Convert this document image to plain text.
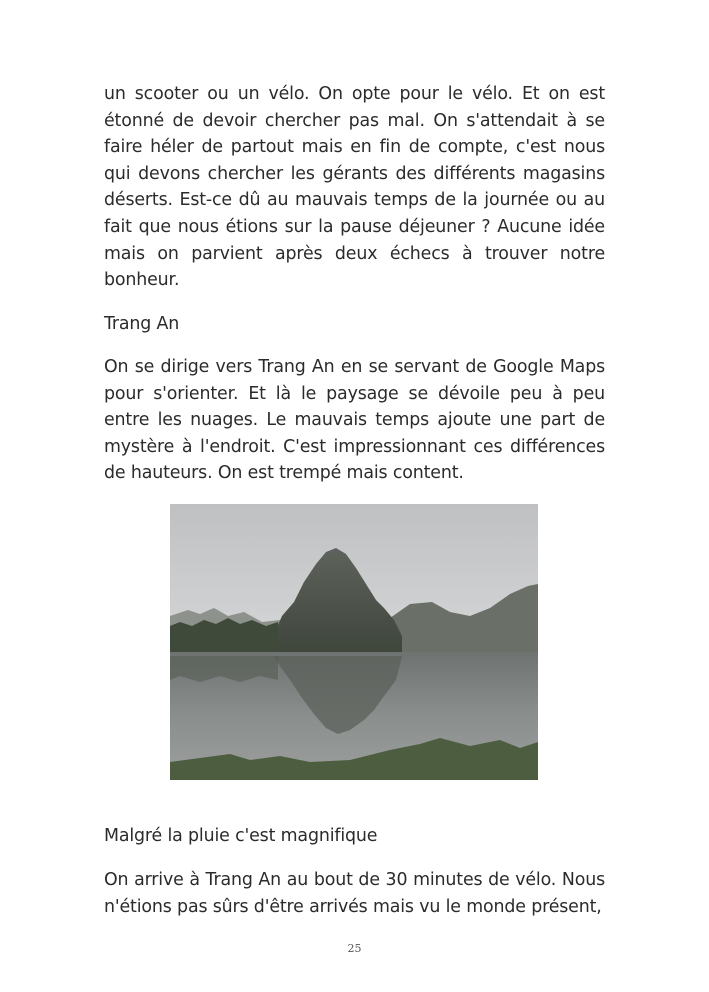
un scooter ou un vélo. On opte pour le vélo. Et on est étonné de devoir chercher pas mal. On s'attendait à se faire héler de partout mais en fin de compte, c'est nous qui devons chercher les gérants des différents magasins déserts. Est-ce dû au mauvais temps de la journée ou au fait que nous étions sur la pause déjeuner ? Aucune idée mais on parvient après deux échecs à trouver notre bonheur.

Trang An

On se dirige vers Trang An en se servant de Google Maps pour s'orienter. Et là le paysage se dévoile peu à peu entre les nuages. Le mauvais temps ajoute une part de mystère à l'endroit. C'est impressionnant ces différences de hauteurs. On est trempé mais content.

Malgré la pluie c'est magnifique

On arrive à Trang An au bout de 30 minutes de vélo. Nous n'étions pas sûrs d'être arrivés mais vu le monde présent,

25
